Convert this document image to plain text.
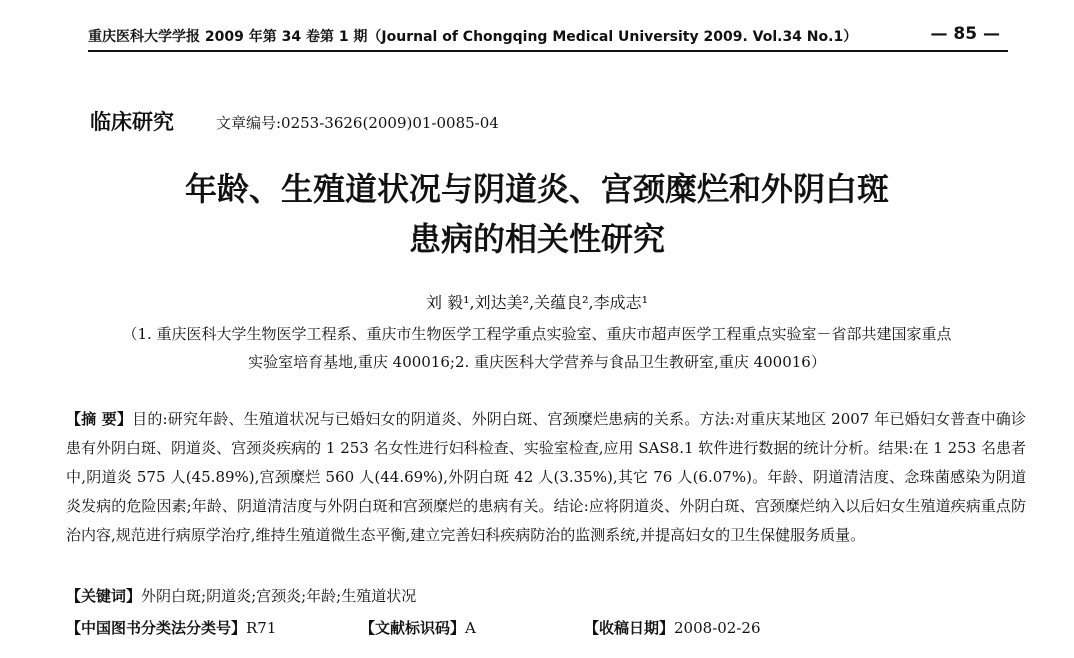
重庆医科大学学报 2009 年第 34 卷第 1 期（Journal of Chongqing Medical University 2009. Vol.34 No.1）	— 85 —
临床研究	文章编号:0253-3626(2009)01-0085-04
年龄、生殖道状况与阴道炎、宫颈糜烂和外阴白斑
患病的相关性研究
刘 毅¹,刘达美²,关蕴良²,李成志¹
（1. 重庆医科大学生物医学工程系、重庆市生物医学工程学重点实验室、重庆市超声医学工程重点实验室－省部共建国家重点
实验室培育基地,重庆 400016;2. 重庆医科大学营养与食品卫生教研室,重庆 400016）
【摘 要】目的:研究年龄、生殖道状况与已婚妇女的阴道炎、外阴白斑、宫颈糜烂患病的关系。方法:对重庆某地区 2007 年已婚妇女普查中确诊患有外阴白斑、阴道炎、宫颈炎疾病的 1 253 名女性进行妇科检查、实验室检查,应用 SAS8.1 软件进行数据的统计分析。结果:在 1 253 名患者中,阴道炎 575 人(45.89%),宫颈糜烂 560 人(44.69%),外阴白斑 42 人(3.35%),其它 76 人(6.07%)。年龄、阴道清洁度、念珠菌感染为阴道炎发病的危险因素;年龄、阴道清洁度与外阴白斑和宫颈糜烂的患病有关。结论:应将阴道炎、外阴白斑、宫颈糜烂纳入以后妇女生殖道疾病重点防治内容,规范进行病原学治疗,维持生殖道微生态平衡,建立完善妇科疾病防治的监测系统,并提高妇女的卫生保健服务质量。
【关键词】外阴白斑;阴道炎;宫颈炎;年龄;生殖道状况
【中国图书分类法分类号】R71	【文献标识码】A	【收稿日期】2008-02-26
